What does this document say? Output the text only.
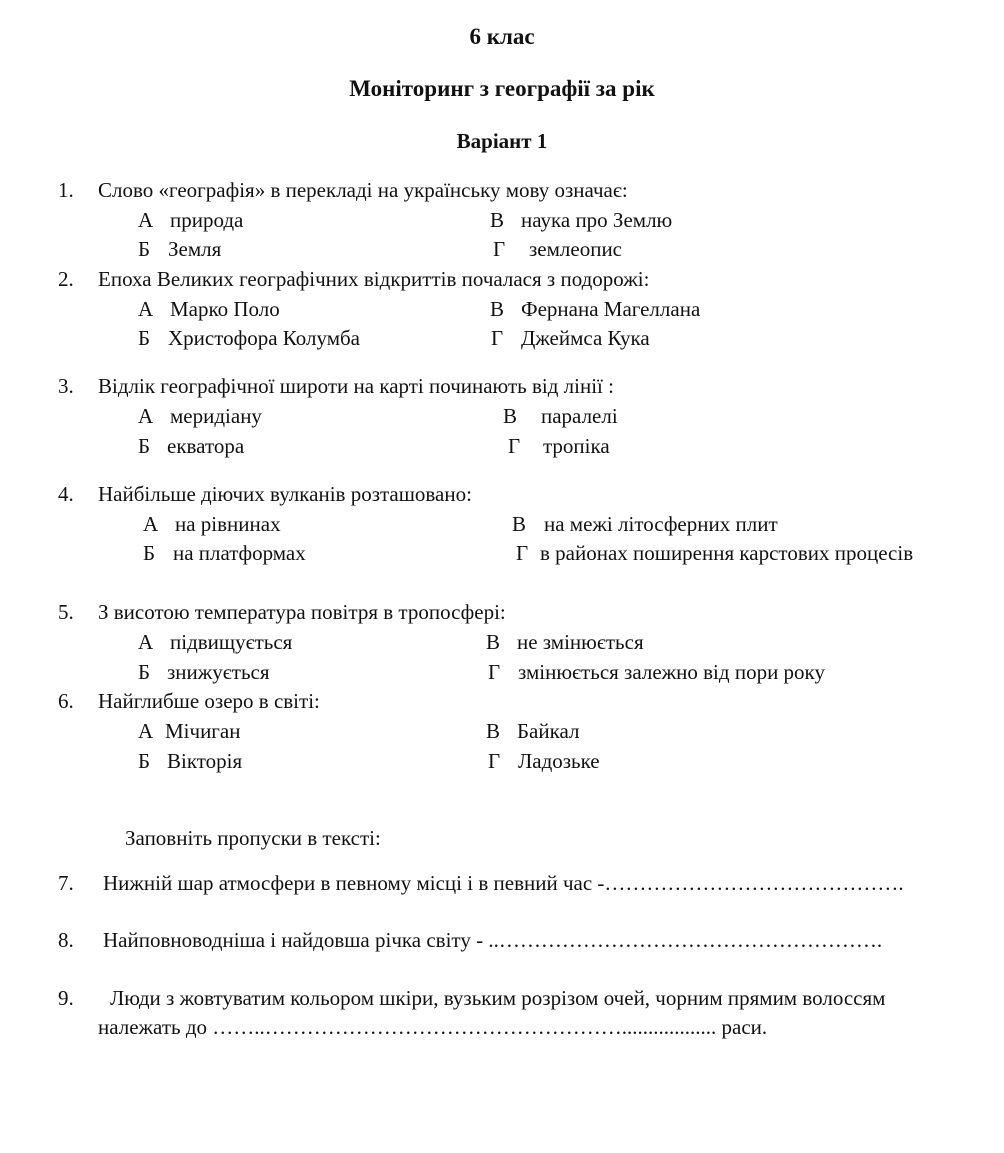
6 клас
Моніторинг з географії за рік
Варіант 1
1.	Слово «географія» в перекладі на українську мову означає:
А природа	В наука про Землю
Б Земля	Г землеопис
2.	Епоха Великих географічних відкриттів почалася з подорожі:
А Марко Поло	В Фернана Магеллана
Б Христофора Колумба	Г Джеймса Кука
3.	Відлік географічної широти на карті починають від лінії :
А меридіану	В паралелі
Б екватора	Г тропіка
4.	Найбільше діючих вулканів розташовано:
А на рівнинах	В на межі літосферних плит
Б на платформах	Г в районах поширення карстових процесів
5.	З висотою температура повітря в тропосфері:
А підвищується	В не змінюється
Б знижується	Г змінюється залежно від пори року
6.	Найглибше озеро в світі:
А Мічиган	В Байкал
Б Вікторія	Г Ладозьке
Заповніть пропуски в тексті:
7.	Нижній шар атмосфери в певному місці і в певний час -…………………………………….
8.	Найповноводніша і найдовша річка світу - ..……………………………………………….
9.	Люди з жовтуватим кольором шкіри, вузьким розрізом очей, чорним прямим волоссям
належать до ……..…………………………………………….................. раси.
